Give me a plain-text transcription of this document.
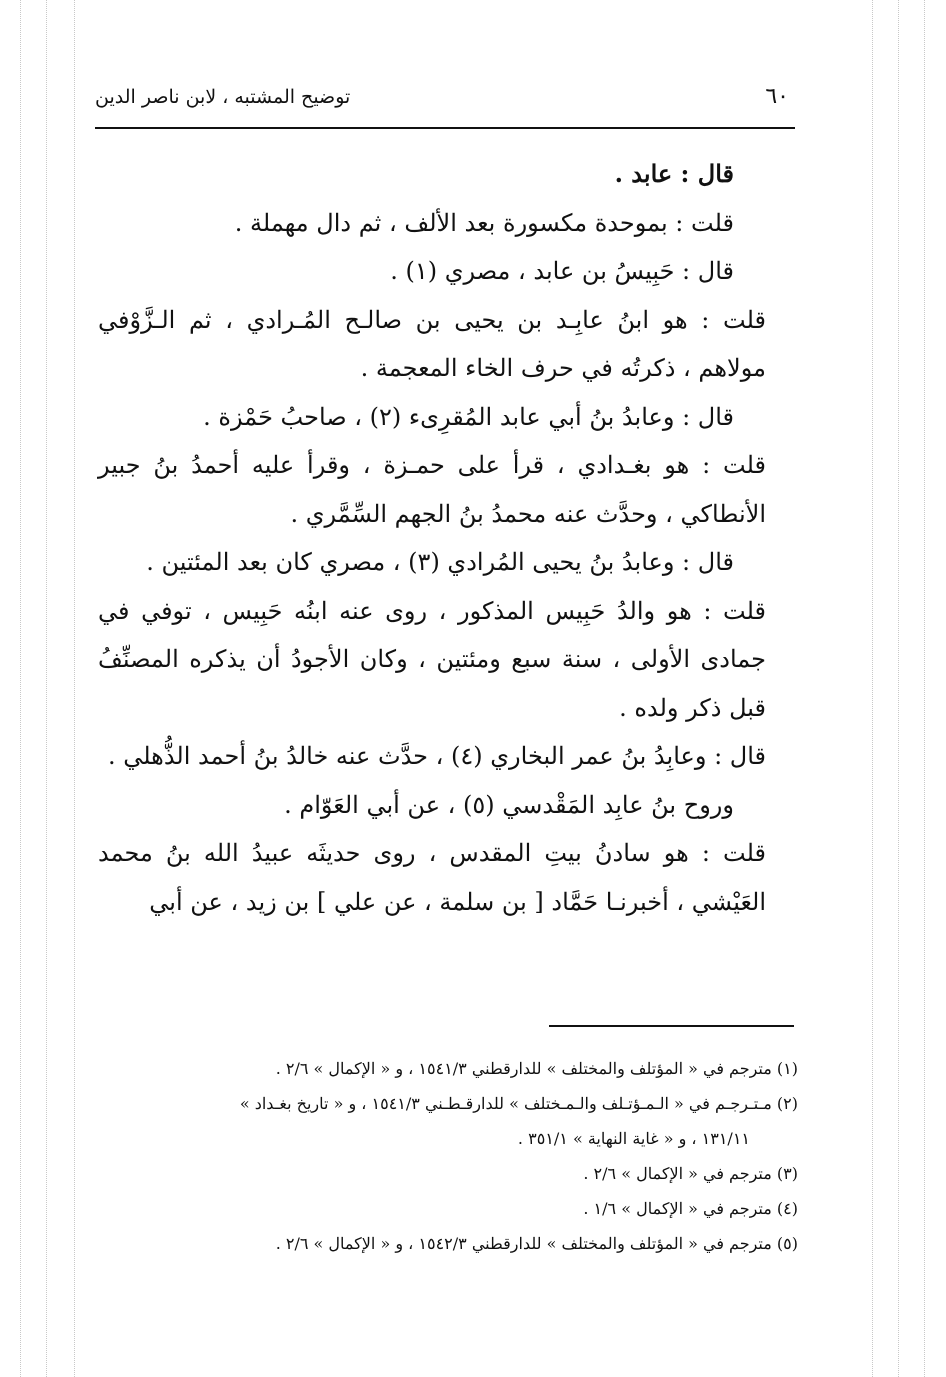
٦٠
توضيح المشتبه ، لابن ناصر الدين

قال : عابد .

قلت : بموحدة مكسورة بعد الألف ، ثم دال مهملة .

قال : حَبِيسُ بن عابد ، مصري (١) .

قلت : هو ابنُ عابِـد بن يحيى بن صالـح المُـرادي ، ثم الـزَّوْفي مولاهم ، ذكرتُه في حرف الخاء المعجمة .

قال : وعابدُ بنُ أبي عابد المُقرِىء (٢) ، صاحبُ حَمْزة .

قلت : هو بغـدادي ، قرأ على حمـزة ، وقرأ عليه أحمدُ بنُ جبير الأنطاكي ، وحدَّث عنه محمدُ بنُ الجهم السِّمَّري .

قال : وعابدُ بنُ يحيى المُرادي (٣) ، مصري كان بعد المئتين .

قلت : هو والدُ حَبِيس المذكور ، روى عنه ابنُه حَبِيس ، توفي في جمادى الأولى ، سنة سبع ومئتين ، وكان الأجودُ أن يذكره المصنِّفُ قبل ذكر ولده .

قال : وعابِدُ بنُ عمر البخاري (٤) ، حدَّث عنه خالدُ بنُ أحمد الذُّهلي .

وروح بنُ عابِد المَقْدسي (٥) ، عن أبي العَوّام .

قلت : هو سادنُ بيتِ المقدس ، روى حديثَه عبيدُ الله بنُ محمد العَيْشي ، أخبرنـا حَمَّاد [ بن سلمة ، عن علي ] بن زيد ، عن أبي

(١) مترجم في « المؤتلف والمختلف » للدارقطني ١٥٤١/٣ ، و « الإكمال » ٢/٦ .

(٢) مـتـرجـم في « الـمـؤتـلف والـمـختلف » للدارقـطـني ١٥٤١/٣ ، و « تاريخ بغـداد »

١٣١/١١ ، و « غاية النهاية » ٣٥١/١ .

(٣) مترجم في « الإكمال » ٢/٦ .

(٤) مترجم في « الإكمال » ١/٦ .

(٥) مترجم في « المؤتلف والمختلف » للدارقطني ١٥٤٢/٣ ، و « الإكمال » ٢/٦ .
